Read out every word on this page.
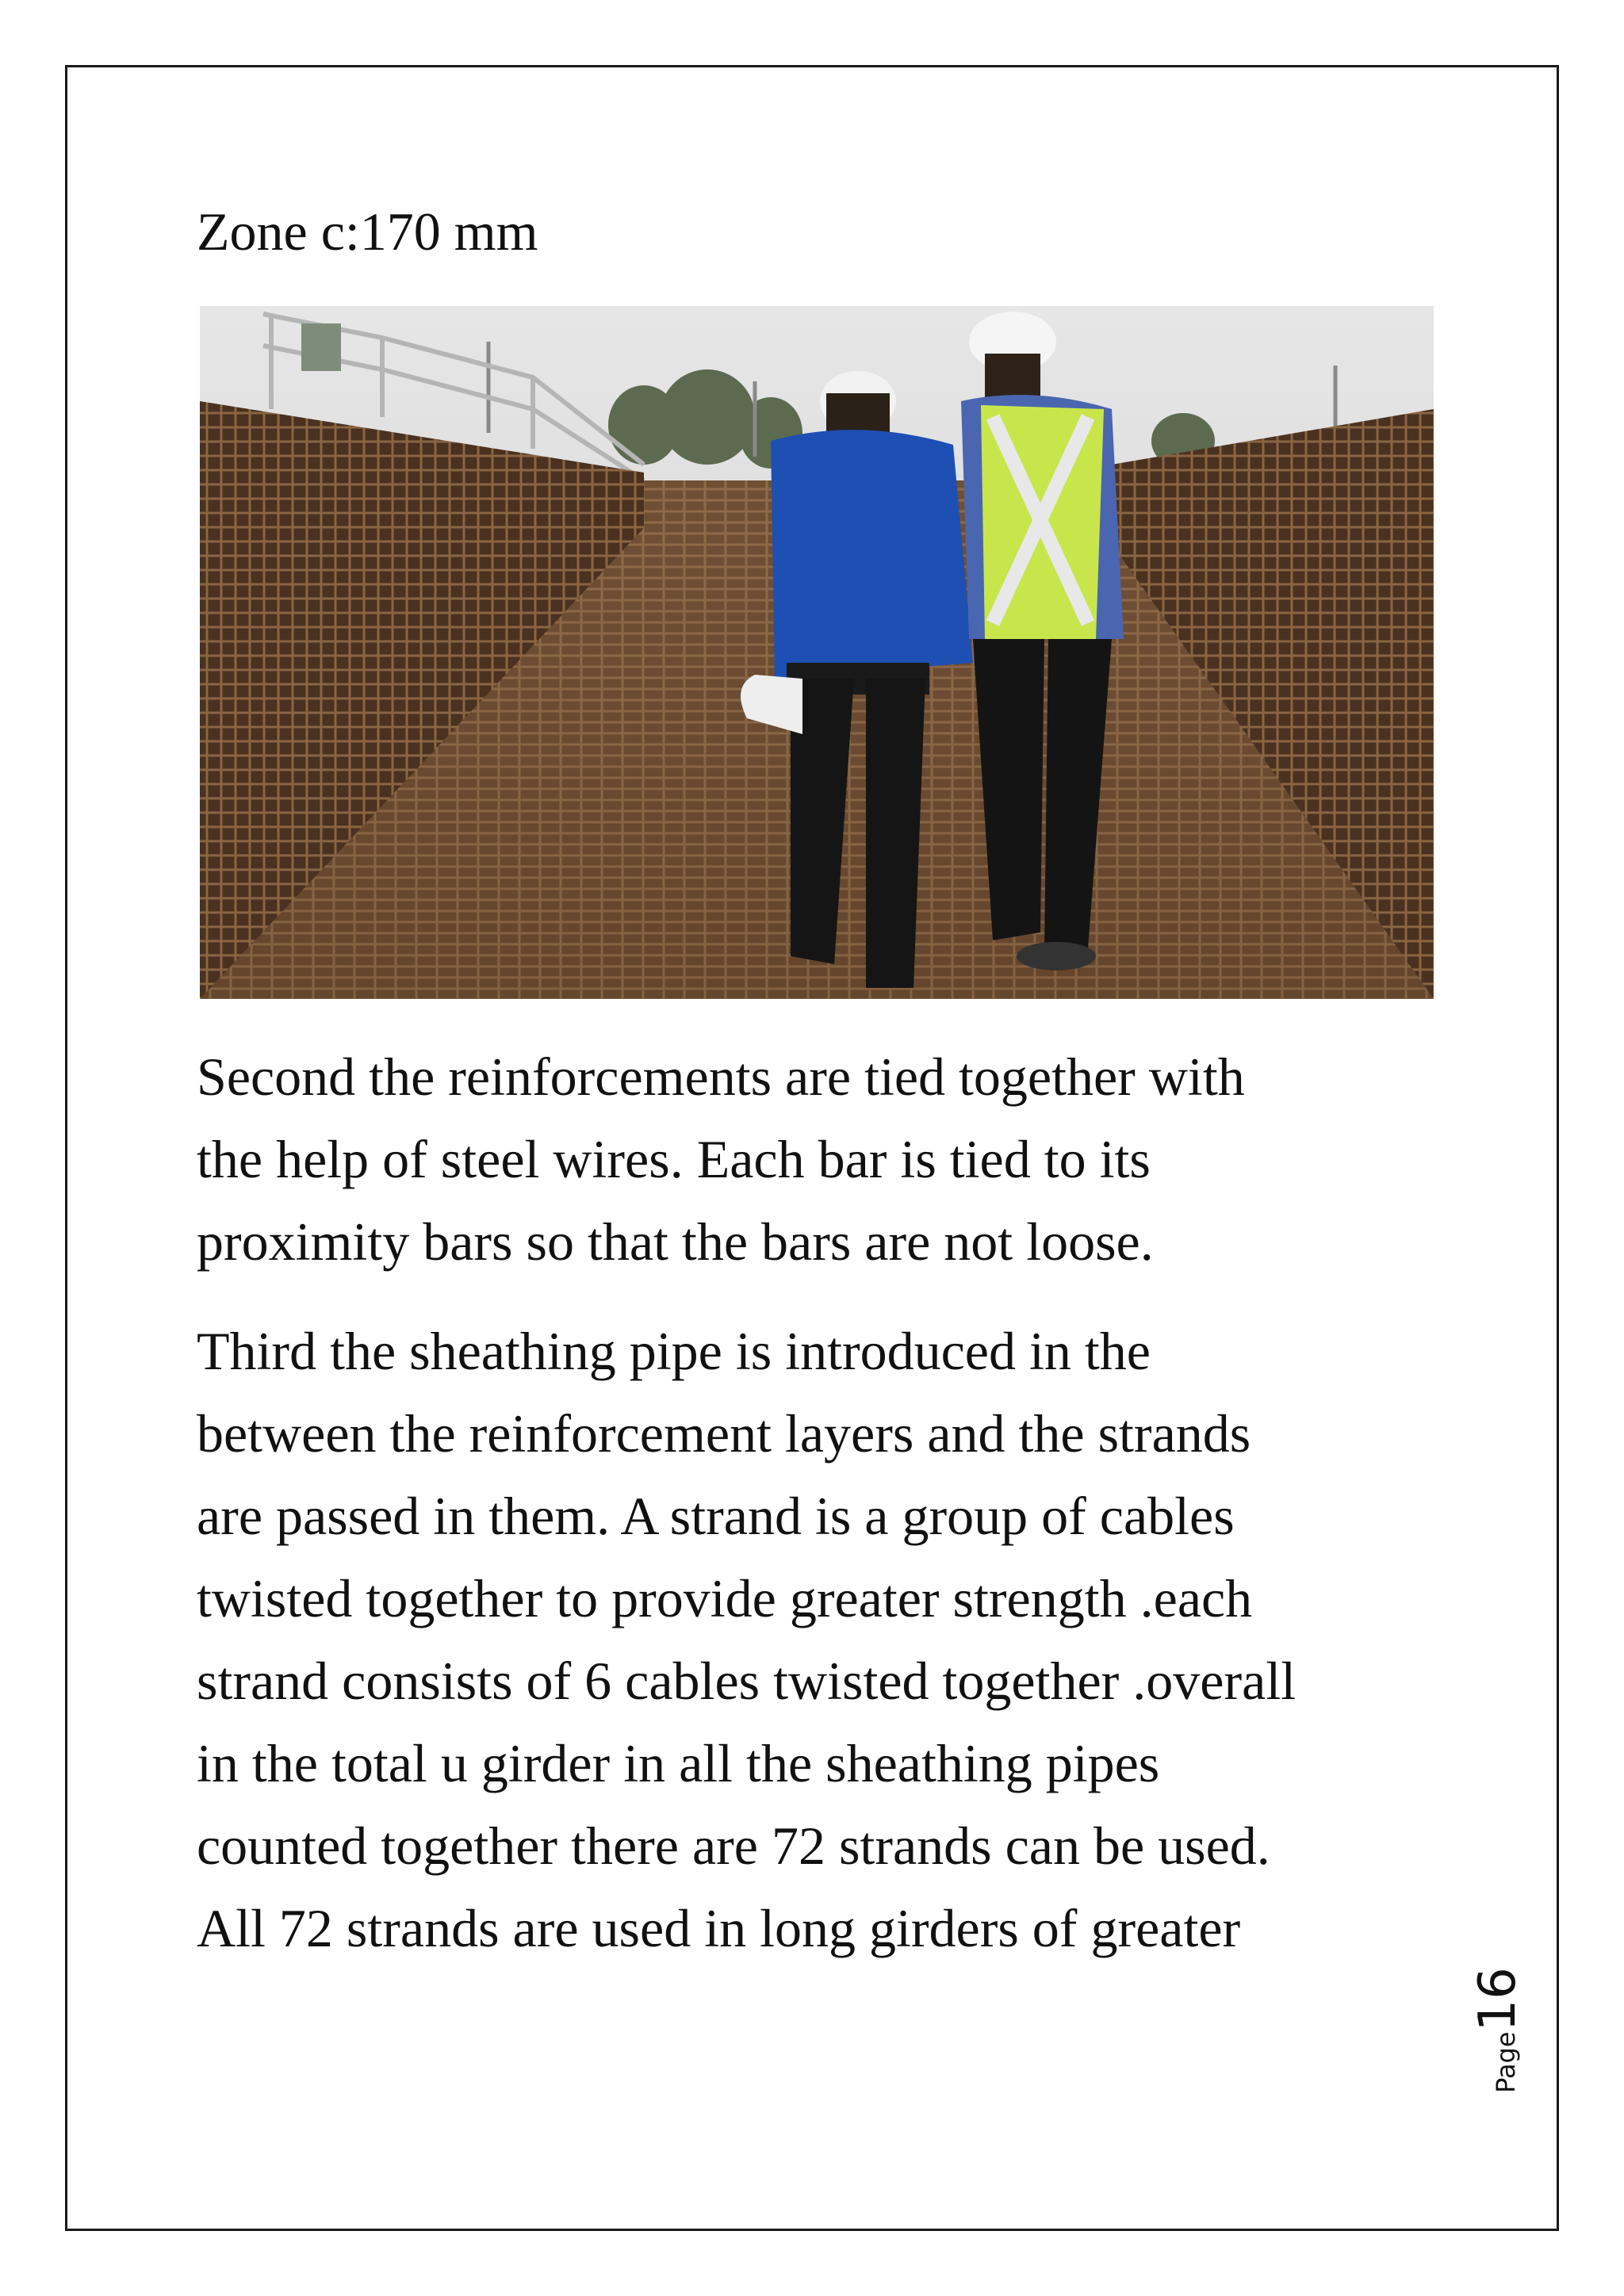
Zone c:170 mm
Second the reinforcements are tied together with
the help of steel wires. Each bar is tied to its
proximity bars so that the bars are not loose.
Third the sheathing pipe is introduced in the
between the reinforcement layers and the strands
are passed in them. A strand is a group of cables
twisted together to provide greater strength .each
strand consists of 6 cables twisted together .overall
in the total u girder in all the sheathing pipes
counted together there are 72 strands can be used.
All 72 strands are used in long girders of greater
Page16
